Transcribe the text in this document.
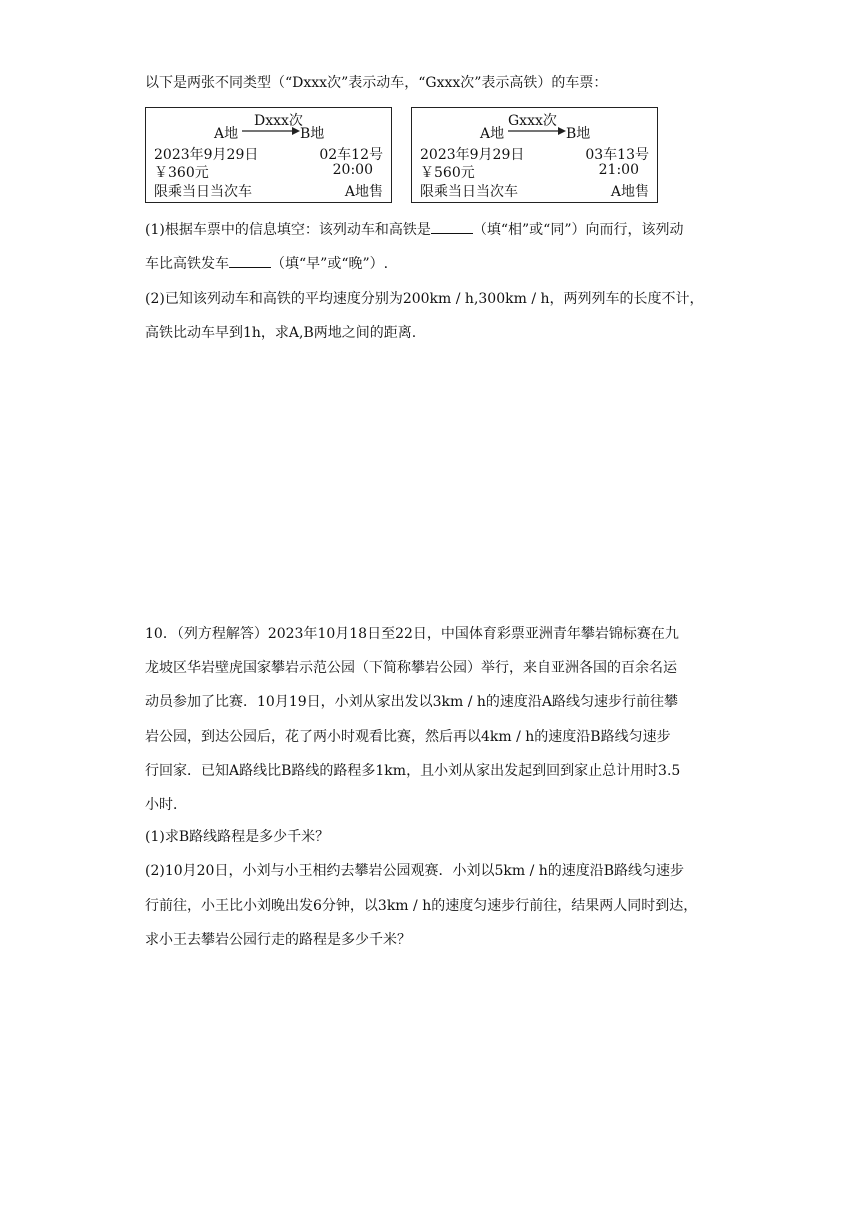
以下是两张不同类型（“Dxxx次”表示动车，“Gxxx次”表示高铁）的车票：
Dxxx次
A地	B地
2023年9月29日	02车12号
￥360元	20:00
限乘当日当次车	A地售
Gxxx次
A地	B地
2023年9月29日	03车13号
￥560元	21:00
限乘当日当次车	A地售
(1)根据车票中的信息填空：该列动车和高铁是	（填“相”或“同”）向而行，该列动
车比高铁发车	（填“早”或“晚”）.
(2)已知该列动车和高铁的平均速度分别为200km / h,300km / h，两列列车的长度不计，
高铁比动车早到1h，求A,B两地之间的距离.
10．（列方程解答）2023年10月18日至22日，中国体育彩票亚洲青年攀岩锦标赛在九
龙坡区华岩壁虎国家攀岩示范公园（下简称攀岩公园）举行，来自亚洲各国的百余名运
动员参加了比赛．10月19日，小刘从家出发以3km / h的速度沿A路线匀速步行前往攀
岩公园，到达公园后，花了两小时观看比赛，然后再以4km / h的速度沿B路线匀速步
行回家．已知A路线比B路线的路程多1km，且小刘从家出发起到回到家止总计用时3.5
小时．
(1)求B路线路程是多少千米？
(2)10月20日，小刘与小王相约去攀岩公园观赛．小刘以5km / h的速度沿B路线匀速步
行前往，小王比小刘晚出发6分钟，以3km / h的速度匀速步行前往，结果两人同时到达，
求小王去攀岩公园行走的路程是多少千米？
